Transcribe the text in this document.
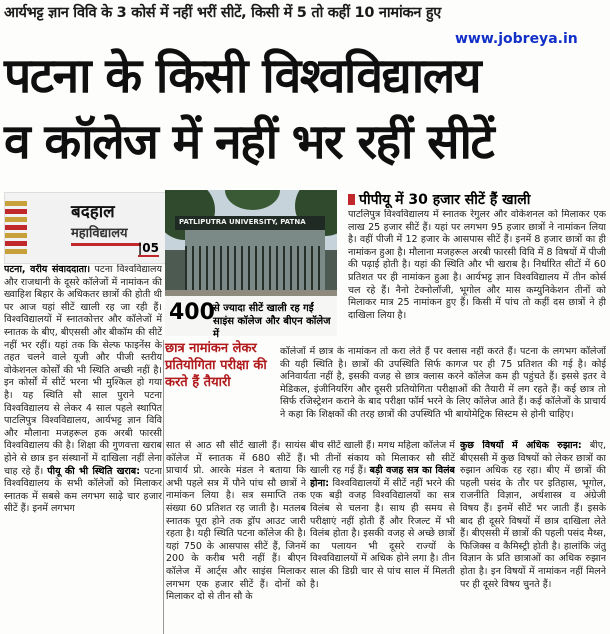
आर्यभट्ट ज्ञान विवि के 3 कोर्स में नहीं भरीं सीटें, किसी में 5 तो कहीं 10 नामांकन हुए
www.jobreya.in
पटना के किसी विश्वविद्यालय
व कॉलेज में नहीं भर रहीं सीटें
बदहाल
महाविद्यालय
|05
पटना, वरीय संवाददाता। पटना विश्वविद्यालय और राजधानी के दूसरे कॉलेजों में नामांकन की ख्वाहिश बिहार के अधिकतर छात्रों की होती थी पर आज यहां सीटें खाली रह जा रही हैं। विश्वविद्यालयों में स्नातकोत्तर और कॉलेजों में स्नातक के बीए, बीएससी और बीकॉम की सीटें नहीं भर रहीं। यहां तक कि सेल्फ फाइनेंस के तहत चलने वाले यूजी और पीजी स्तरीय वोकेशनल कोर्सों की भी स्थिति अच्छी नहीं है। इन कोर्सों में सीटें भरना भी मुश्किल हो गया है। यह स्थिति सौ साल पुराने पटना विश्वविद्यालय से लेकर 4 साल पहले स्थापित पाटलिपुत्र विश्वविद्यालय, आर्यभट्ट ज्ञान विवि और मौलाना मजहरूल हक अरबी फारसी विश्वविद्यालय की है। शिक्षा की गुणवत्ता खराब होने से छात्र इन संस्थानों में दाखिला नहीं लेना चाह रहे हैं। पीयू की भी स्थिति खराब: पटना विश्वविद्यालय के सभी कॉलेजों को मिलाकर स्नातक में सबसे कम लगभग साढ़े चार हजार सीटें हैं। इनमें लगभग
PATLIPUTRA UNIVERSITY, PATNA
400
से ज्यादा सीटें खाली रह गईं साइंस कॉलेज और बीएन कॉलेज में
पीपीयू में 30 हजार सीटें हैं खाली
पाटलिपुत्र विश्वविद्यालय में स्नातक रेगुलर और वोकेशनल को मिलाकर एक लाख 25 हजार सीटें हैं। यहां पर लगभग 95 हजार छात्रों ने नामांकन लिया है। वहीं पीजी में 12 हजार के आसपास सीटें हैं। इनमें 8 हजार छात्रों का ही नामांकन हुआ है। मौलाना मजहरूल अरबी फारसी विवि में 8 विषयों में पीजी की पढ़ाई होती है। यहां की स्थिति और भी खराब है। निर्धारित सीटों में 60 प्रतिशत पर ही नामांकन हुआ है। आर्यभट्ट ज्ञान विश्वविद्यालय में तीन कोर्स चल रहे हैं। नैनो टेक्नोलॉजी, भूगोल और मास कम्युनिकेशन तीनों को मिलाकर मात्र 25 नामांकन हुए हैं। किसी में पांच तो कहीं दस छात्रों ने ही दाखिला लिया है।
छात्र नामांकन लेकर प्रतियोगिता परीक्षा की करते हैं तैयारी
कॉलेजों में छात्र के नामांकन तो करा लेते हैं पर क्लास नहीं करते हैं। पटना के लगभग कॉलेजों की यही स्थिति है। छात्रों की उपस्थिति सिर्फ कागज पर ही 75 प्रतिशत की गई है। कोई अनिवार्यता नहीं है, इसकी वजह से छात्र क्लास करने कॉलेज कम ही पहुंचते हैं। इससे इतर वे मेडिकल, इंजीनियरिंग और दूसरी प्रतियोगिता परीक्षाओं की तैयारी में लग रहते हैं। कई छात्र तो सिर्फ रजिस्ट्रेशन कराने के बाद परीक्षा फॉर्म भरने के लिए कॉलेज आते हैं। कई कॉलेजों के प्राचार्य ने कहा कि शिक्षकों की तरह छात्रों की उपस्थिति भी बायोमेट्रिक सिस्टम से होनी चाहिए।
सात से आठ सौ सीटें खाली हैं। सायंस कॉलेज में स्नातक में 680 सीटें हैं। प्राचार्य प्रो. आरके मंडल ने बताया कि अभी पहले सत्र में पौने पांच सौ छात्रों ने नामांकन लिया है। सत्र समाप्ति तक संख्या 60 प्रतिशत रह जाती है। मतलब स्नातक पूरा होने तक ड्रॉप आउट जारी रहता है। यही स्थिति पटना कॉलेज की है। यहां 750 के आसपास सीटें हैं, जिनमें 200 के करीब भरी नहीं हैं। बीएन कॉलेज में आर्ट्स और साइंस मिलाकर लगभग एक हजार सीटें हैं। दोनों को मिलाकर दो से तीन सौ के
बीच सीटें खाली हैं। मगध महिला कॉलेज में भी तीनों संकाय को मिलाकर सौ सीटें खाली रह गई हैं। बड़ी वजह सत्र का विलंब होना: विश्वविद्यालयों में सीटें नहीं भरने की एक बड़ी वजह विश्वविद्यालयों का सत्र विलंब से चलना है। साथ ही समय से परीक्षाएं नहीं होती हैं और रिजल्ट में भी विलंब होता है। इसकी वजह से अच्छे छात्रों का पलायन भी दूसरे राज्यों के विश्वविद्यालयों में अधिक होने लगा है। तीन साल की डिग्री चार से पांच साल में मिलती है।
कुछ विषयों में अधिक रुझान: बीए, बीएससी में कुछ विषयों को लेकर छात्रों का रुझान अधिक रह रहा। बीए में छात्रों की पहली पसंद के तौर पर इतिहास, भूगोल, राजनीति विज्ञान, अर्थशास्त्र व अंग्रेजी विषय हैं। इनमें सीटें भर जाती हैं। इसके बाद ही दूसरे विषयों में छात्र दाखिला लेते हैं। बीएससी में छात्रों की पहली पसंद मैथ्स, फिजिक्स व कैमिस्ट्री होती है। हालांकि जंतु विज्ञान के प्रति छात्राओं का अधिक रुझान होता है। इन विषयों में नामांकन नहीं मिलने पर ही दूसरे विषय चुनते हैं।
